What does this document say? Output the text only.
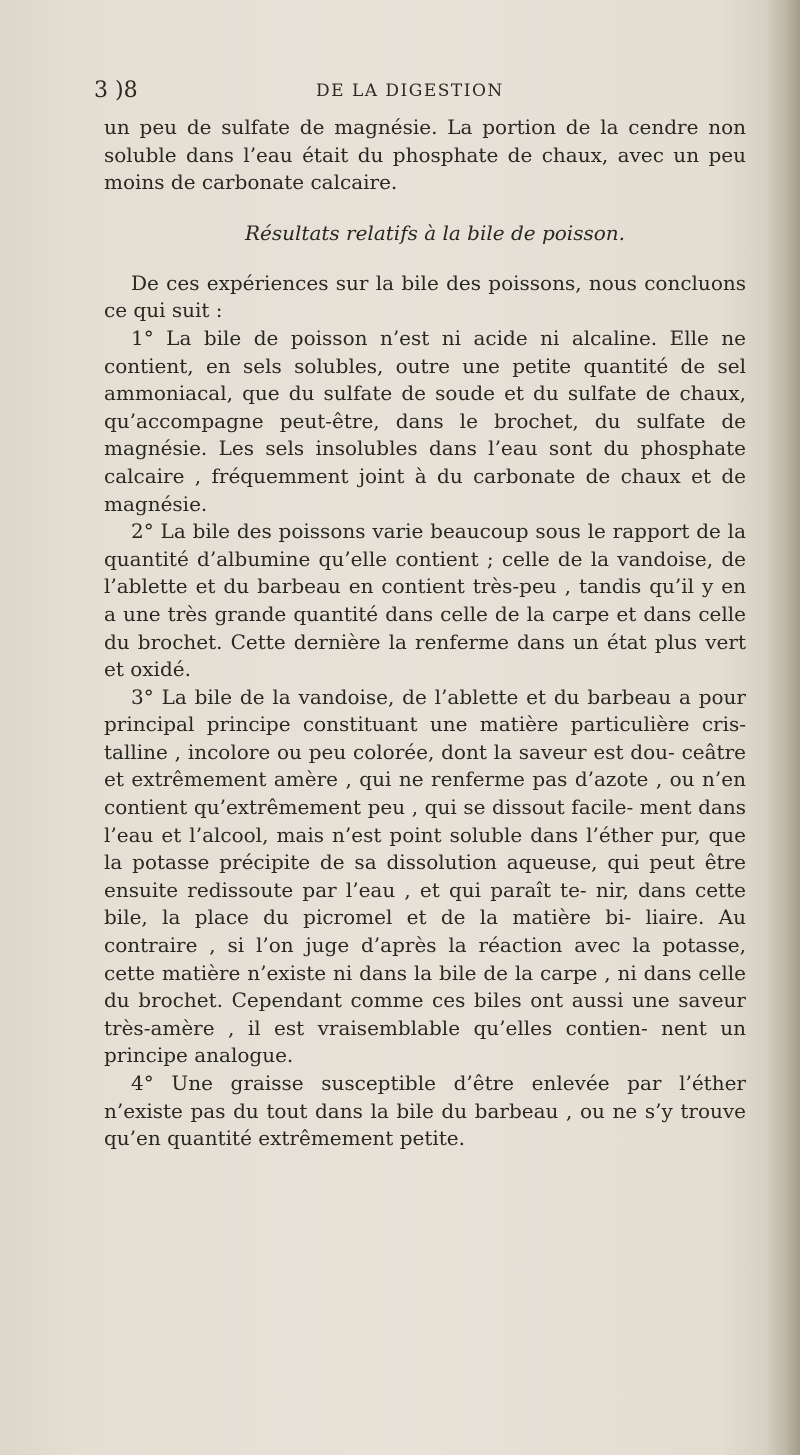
3 )8	DE LA DIGESTION

un peu de sulfate de magnésie. La portion de la cendre non soluble dans l’eau était du phosphate de chaux, avec un peu moins de carbonate calcaire.

Résultats relatifs à la bile de poisson.

De ces expériences sur la bile des poissons, nous concluons ce qui suit :

1° La bile de poisson n’est ni acide ni alcaline. Elle ne contient, en sels solubles, outre une petite quantité de sel ammoniacal, que du sulfate de soude et du sulfate de chaux, qu’accompagne peut-être, dans le brochet, du sulfate de magnésie. Les sels insolubles dans l’eau sont du phosphate calcaire , fréquemment joint à du carbonate de chaux et de magnésie.

2° La bile des poissons varie beaucoup sous le rapport de la quantité d’albumine qu’elle contient ; celle de la vandoise, de l’ablette et du barbeau en contient très-peu , tandis qu’il y en a une très grande quantité dans celle de la carpe et dans celle du brochet. Cette dernière la renferme dans un état plus vert et oxidé.

3° La bile de la vandoise, de l’ablette et du barbeau a pour principal principe constituant une matière particulière cris- talline , incolore ou peu colorée, dont la saveur est dou- ceâtre et extrêmement amère , qui ne renferme pas d’azote , ou n’en contient qu’extrêmement peu , qui se dissout facile- ment dans l’eau et l’alcool, mais n’est point soluble dans l’éther pur, que la potasse précipite de sa dissolution aqueuse, qui peut être ensuite redissoute par l’eau , et qui paraît te- nir, dans cette bile, la place du picromel et de la matière bi- liaire. Au contraire , si l’on juge d’après la réaction avec la potasse, cette matière n’existe ni dans la bile de la carpe , ni dans celle du brochet. Cependant comme ces biles ont aussi une saveur très-amère , il est vraisemblable qu’elles contien- nent un principe analogue.

4° Une graisse susceptible d’être enlevée par l’éther n’existe pas du tout dans la bile du barbeau , ou ne s’y trouve qu’en quantité extrêmement petite.
